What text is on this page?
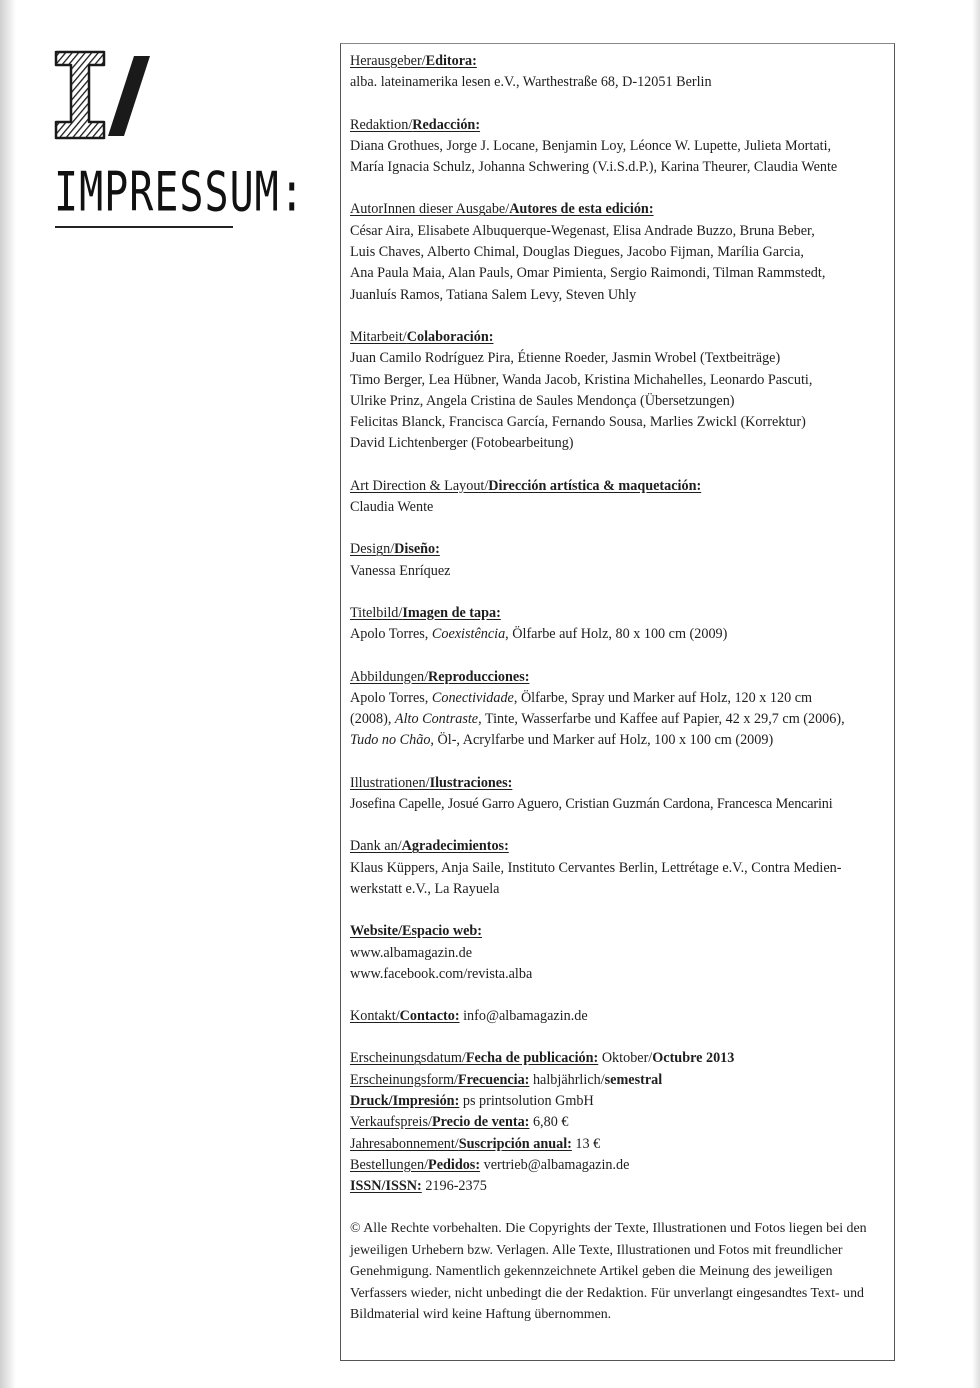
IMPRESSUM:
Herausgeber/Editora:
alba. lateinamerika lesen e.V., Warthestraße 68, D-12051 Berlin
Redaktion/Redacción:
Diana Grothues, Jorge J. Locane, Benjamin Loy, Léonce W. Lupette, Julieta Mortati,
María Ignacia Schulz, Johanna Schwering (V.i.S.d.P.), Karina Theurer, Claudia Wente
AutorInnen dieser Ausgabe/Autores de esta edición:
César Aira, Elisabete Albuquerque-Wegenast, Elisa Andrade Buzzo, Bruna Beber,
Luis Chaves, Alberto Chimal, Douglas Diegues, Jacobo Fijman, Marília Garcia,
Ana Paula Maia, Alan Pauls, Omar Pimienta, Sergio Raimondi, Tilman Rammstedt,
Juanluís Ramos, Tatiana Salem Levy, Steven Uhly
Mitarbeit/Colaboración:
Juan Camilo Rodríguez Pira, Étienne Roeder, Jasmin Wrobel (Textbeiträge)
Timo Berger, Lea Hübner, Wanda Jacob, Kristina Michahelles, Leonardo Pascuti,
Ulrike Prinz, Angela Cristina de Saules Mendonça (Übersetzungen)
Felicitas Blanck, Francisca García, Fernando Sousa, Marlies Zwickl (Korrektur)
David Lichtenberger (Fotobearbeitung)
Art Direction & Layout/Dirección artística & maquetación:
Claudia Wente
Design/Diseño:
Vanessa Enríquez
Titelbild/Imagen de tapa:
Apolo Torres, Coexistência, Ölfarbe auf Holz, 80 x 100 cm (2009)
Abbildungen/Reproducciones:
Apolo Torres, Conectividade, Ölfarbe, Spray und Marker auf Holz, 120 x 120 cm
(2008), Alto Contraste, Tinte, Wasserfarbe und Kaffee auf Papier, 42 x 29,7 cm (2006),
Tudo no Chão, Öl-, Acrylfarbe und Marker auf Holz, 100 x 100 cm (2009)
Illustrationen/Ilustraciones:
Josefina Capelle, Josué Garro Aguero, Cristian Guzmán Cardona, Francesca Mencarini
Dank an/Agradecimientos:
Klaus Küppers, Anja Saile, Instituto Cervantes Berlin, Lettrétage e.V., Contra Medien-
werkstatt e.V., La Rayuela
Website/Espacio web:
www.albamagazin.de
www.facebook.com/revista.alba
Kontakt/Contacto: info@albamagazin.de
Erscheinungsdatum/Fecha de publicación: Oktober/Octubre 2013
Erscheinungsform/Frecuencia: halbjährlich/semestral
Druck/Impresión: ps printsolution GmbH
Verkaufspreis/Precio de venta: 6,80 €
Jahresabonnement/Suscripción anual: 13 €
Bestellungen/Pedidos: vertrieb@albamagazin.de
ISSN/ISSN: 2196-2375
© Alle Rechte vorbehalten. Die Copyrights der Texte, Illustrationen und Fotos liegen bei den jeweiligen Urhebern bzw. Verlagen. Alle Texte, Illustrationen und Fotos mit freundlicher Genehmigung. Namentlich gekennzeichnete Artikel geben die Meinung des jeweiligen Verfassers wieder, nicht unbedingt die der Redaktion. Für unverlangt eingesandtes Text- und Bildmaterial wird keine Haftung übernommen.
